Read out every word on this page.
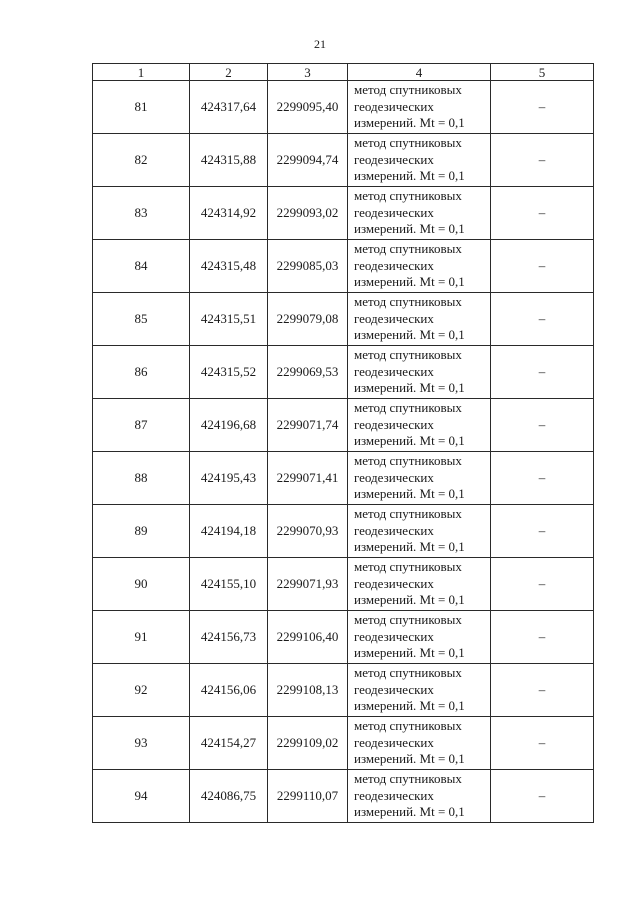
21
1	2	3	4	5
81	424317,64	2299095,40	метод спутниковых
геодезических
измерений. Mt = 0,1	–
82	424315,88	2299094,74	метод спутниковых
геодезических
измерений. Mt = 0,1	–
83	424314,92	2299093,02	метод спутниковых
геодезических
измерений. Mt = 0,1	–
84	424315,48	2299085,03	метод спутниковых
геодезических
измерений. Mt = 0,1	–
85	424315,51	2299079,08	метод спутниковых
геодезических
измерений. Mt = 0,1	–
86	424315,52	2299069,53	метод спутниковых
геодезических
измерений. Mt = 0,1	–
87	424196,68	2299071,74	метод спутниковых
геодезических
измерений. Mt = 0,1	–
88	424195,43	2299071,41	метод спутниковых
геодезических
измерений. Mt = 0,1	–
89	424194,18	2299070,93	метод спутниковых
геодезических
измерений. Mt = 0,1	–
90	424155,10	2299071,93	метод спутниковых
геодезических
измерений. Mt = 0,1	–
91	424156,73	2299106,40	метод спутниковых
геодезических
измерений. Mt = 0,1	–
92	424156,06	2299108,13	метод спутниковых
геодезических
измерений. Mt = 0,1	–
93	424154,27	2299109,02	метод спутниковых
геодезических
измерений. Mt = 0,1	–
94	424086,75	2299110,07	метод спутниковых
геодезических
измерений. Mt = 0,1	–
